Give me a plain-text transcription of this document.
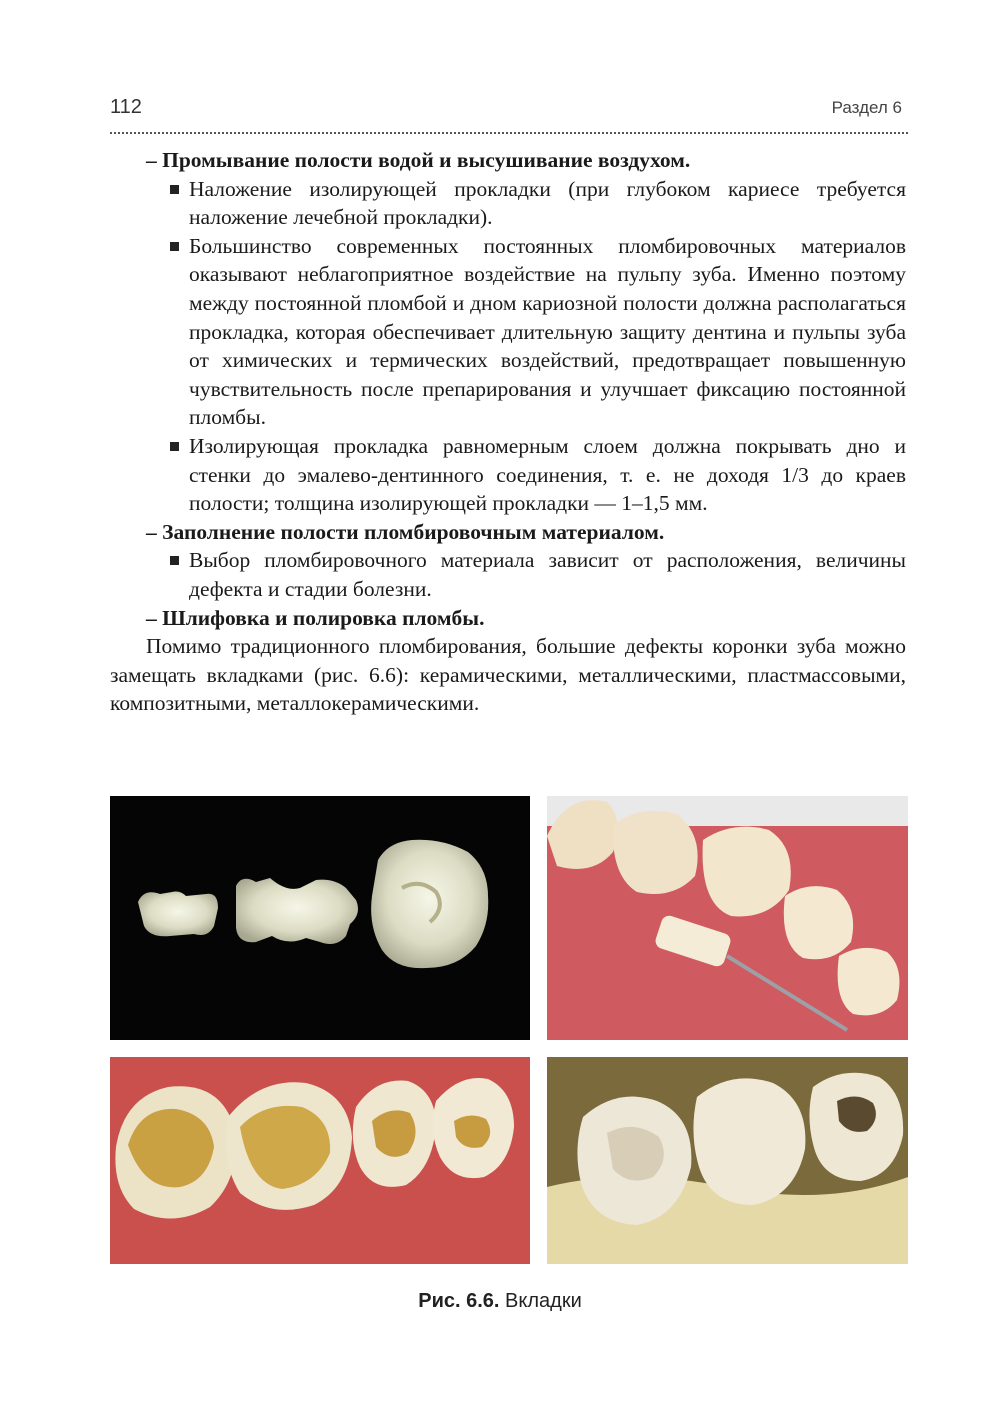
112	Раздел 6

– Промывание полости водой и высушивание воздухом.

Наложение изолирующей прокладки (при глубоком кариесе требуется наложение лечебной прокладки).

Большинство современных постоянных пломбировочных материалов оказывают неблагоприятное воздействие на пульпу зуба. Именно поэтому между постоянной пломбой и дном кариозной полости должна располагаться прокладка, которая обеспечивает длительную защиту дентина и пульпы зуба от химических и термических воздействий, предотвращает повышенную чувствительность после препарирования и улучшает фиксацию постоянной пломбы.

Изолирующая прокладка равномерным слоем должна покрывать дно и стенки до эмалево-дентинного соединения, т. е. не доходя 1/3 до краев полости; толщина изолирующей прокладки — 1–1,5 мм.

– Заполнение полости пломбировочным материалом.

Выбор пломбировочного материала зависит от расположения, величины дефекта и стадии болезни.

– Шлифовка и полировка пломбы.

Помимо традиционного пломбирования, большие дефекты коронки зуба можно замещать вкладками (рис. 6.6): керамическими, металлическими, пластмассовыми, композитными, металлокерамическими.

Рис. 6.6. Вкладки
